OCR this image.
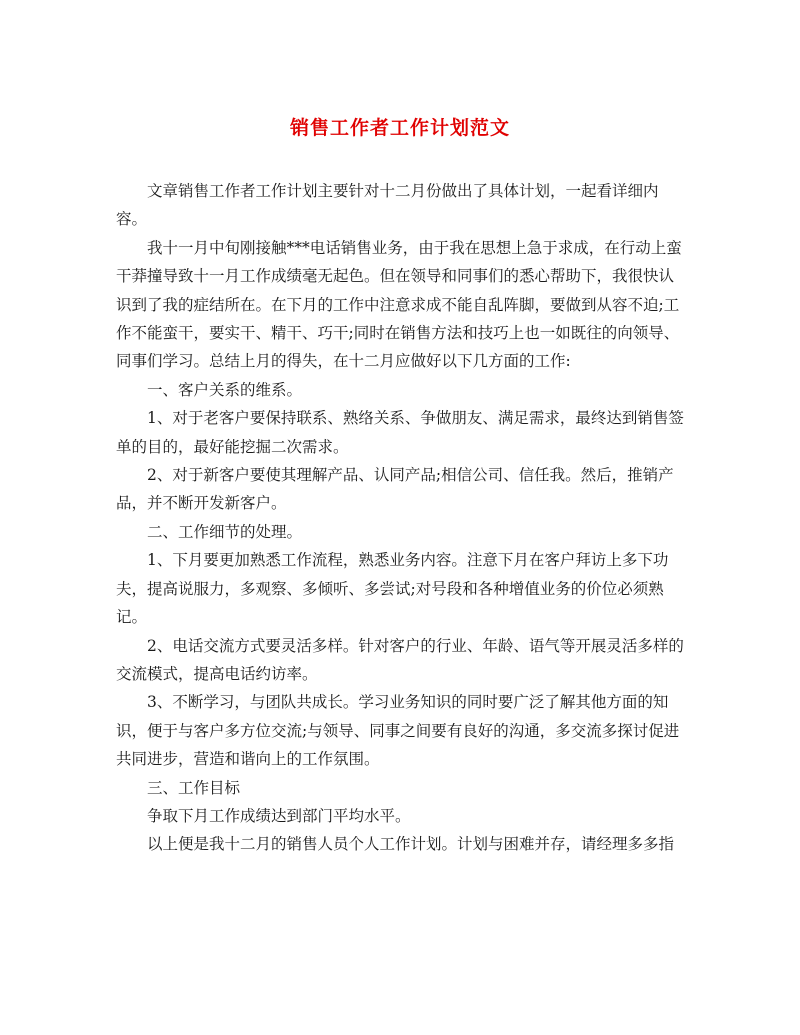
销售工作者工作计划范文

文章销售工作者工作计划主要针对十二月份做出了具体计划，一起看详细内容。

我十一月中旬刚接触***电话销售业务，由于我在思想上急于求成，在行动上蛮干莽撞导致十一月工作成绩毫无起色。但在领导和同事们的悉心帮助下，我很快认识到了我的症结所在。在下月的工作中注意求成不能自乱阵脚，要做到从容不迫;工作不能蛮干，要实干、精干、巧干;同时在销售方法和技巧上也一如既往的向领导、同事们学习。总结上月的得失，在十二月应做好以下几方面的工作:

一、客户关系的维系。

1、对于老客户要保持联系、熟络关系、争做朋友、满足需求，最终达到销售签单的目的，最好能挖掘二次需求。

2、对于新客户要使其理解产品、认同产品;相信公司、信任我。然后，推销产品，并不断开发新客户。

二、工作细节的处理。

1、下月要更加熟悉工作流程，熟悉业务内容。注意下月在客户拜访上多下功夫，提高说服力，多观察、多倾听、多尝试;对号段和各种增值业务的价位必须熟记。

2、电话交流方式要灵活多样。针对客户的行业、年龄、语气等开展灵活多样的交流模式，提高电话约访率。

3、不断学习，与团队共成长。学习业务知识的同时要广泛了解其他方面的知识，便于与客户多方位交流;与领导、同事之间要有良好的沟通，多交流多探讨促进共同进步，营造和谐向上的工作氛围。

三、工作目标

争取下月工作成绩达到部门平均水平。

以上便是我十二月的销售人员个人工作计划。计划与困难并存，请经理多多指
